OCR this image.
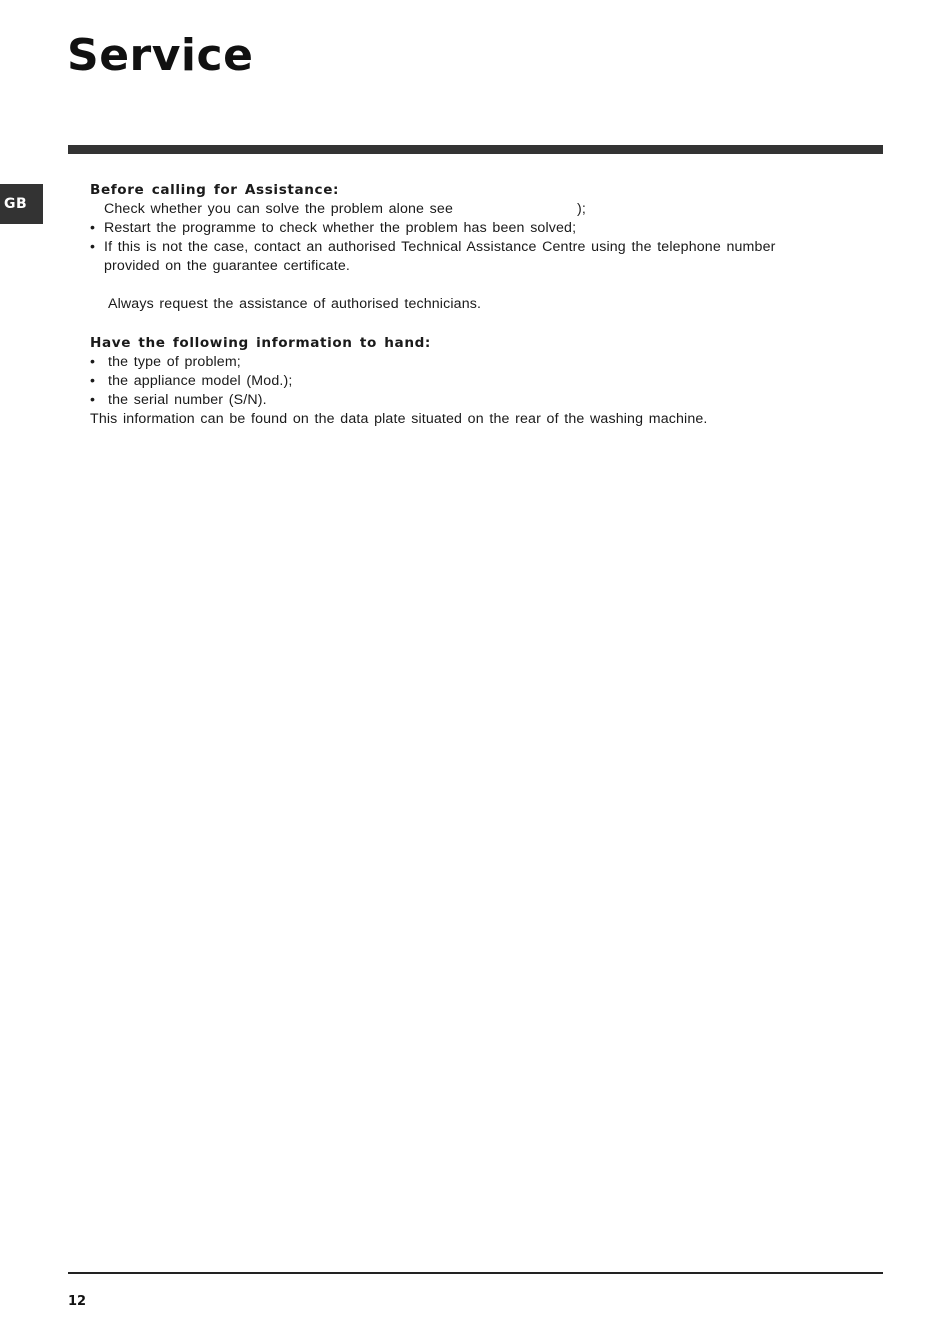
Service
GB

Before calling for Assistance:

Check whether you can solve the problem alone see	);

• Restart the programme to check whether the problem has been solved;

• If this is not the case, contact an authorised Technical Assistance Centre using the telephone number

provided on the guarantee certificate.

Always request the assistance of authorised technicians.

Have the following information to hand:

• the type of problem;

• the appliance model (Mod.);

• the serial number (S/N).

This information can be found on the data plate situated on the rear of the washing machine.

12
